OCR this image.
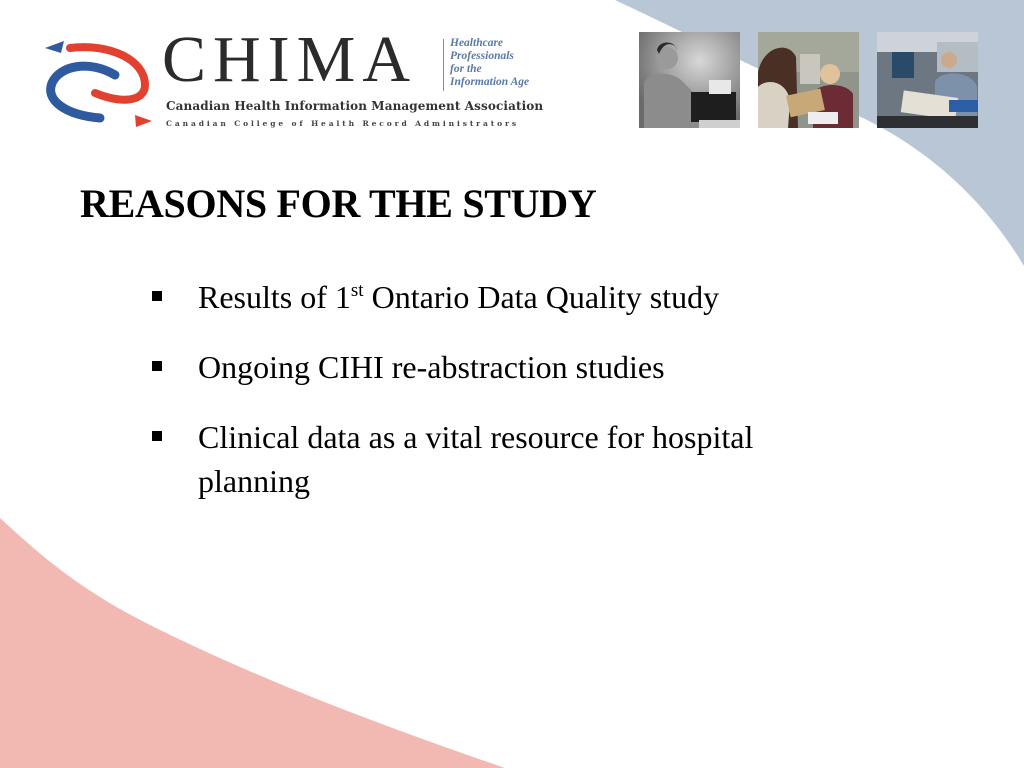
CHIMA	Healthcare
Professionals
for the
Information Age
Canadian Health Information Management Association
Canadian College of Health Record Administrators
REASONS FOR THE STUDY
Results of 1st Ontario Data Quality study
Ongoing CIHI re-abstraction studies
Clinical data as a vital resource for hospital planning
